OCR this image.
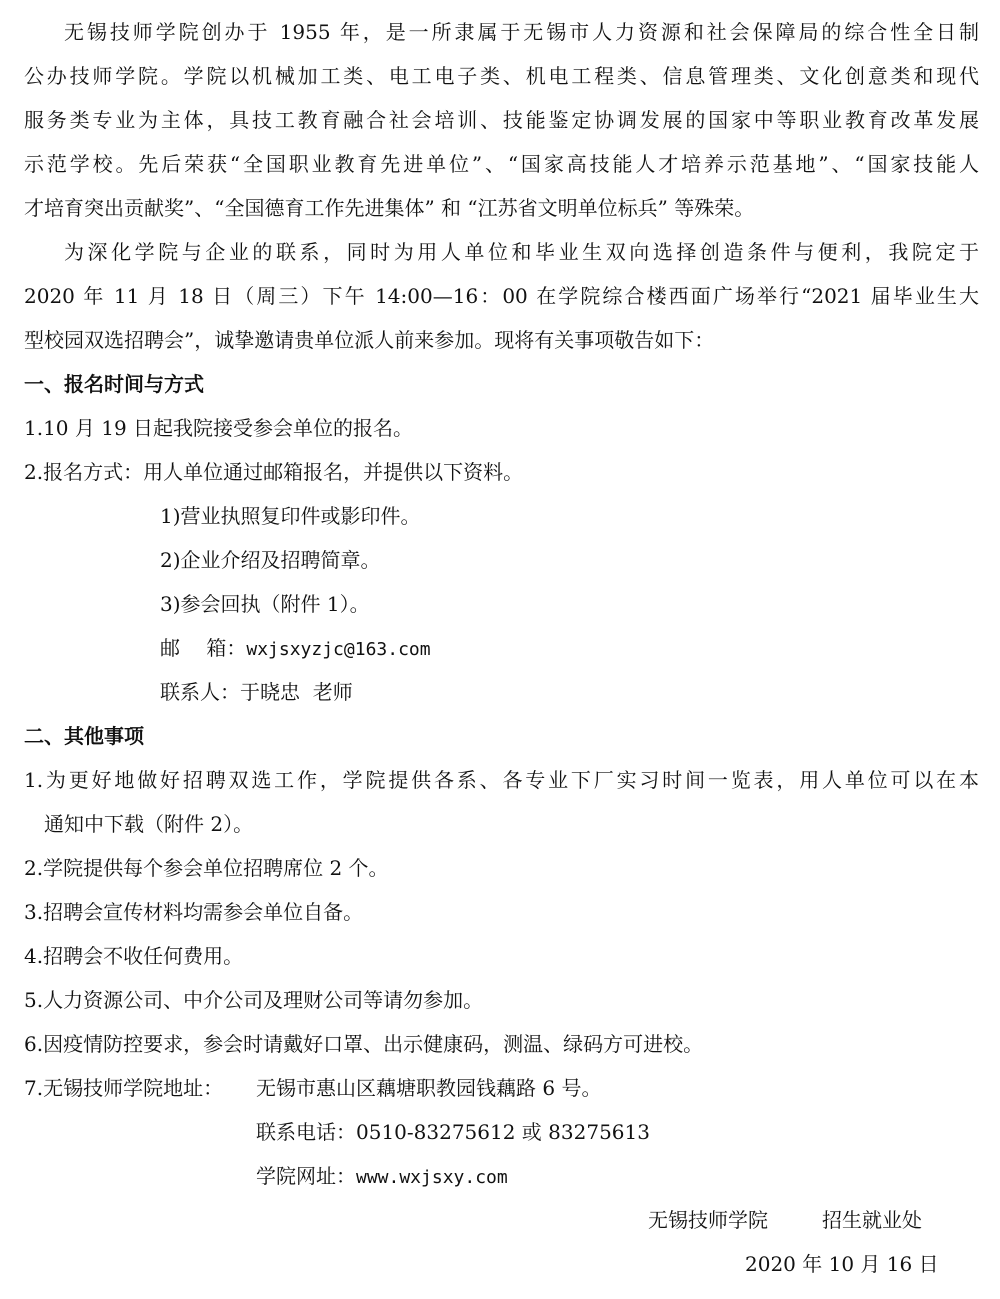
无锡技师学院创办于 1955 年，是一所隶属于无锡市人力资源和社会保障局的综合性全日制
公办技师学院。学院以机械加工类、电工电子类、机电工程类、信息管理类、文化创意类和现代
服务类专业为主体，具技工教育融合社会培训、技能鉴定协调发展的国家中等职业教育改革发展
示范学校。先后荣获“全国职业教育先进单位”、“国家高技能人才培养示范基地”、“国家技能人
才培育突出贡献奖”、“全国德育工作先进集体” 和 “江苏省文明单位标兵” 等殊荣。
为深化学院与企业的联系，同时为用人单位和毕业生双向选择创造条件与便利，我院定于
2020 年 11 月 18 日（周三）下午 14:00—16：00 在学院综合楼西面广场举行“2021 届毕业生大
型校园双选招聘会”，诚挚邀请贵单位派人前来参加。现将有关事项敬告如下：
一、报名时间与方式
1.10 月 19 日起我院接受参会单位的报名。
2.报名方式：用人单位通过邮箱报名，并提供以下资料。
1)营业执照复印件或影印件。
2)企业介绍及招聘简章。
3)参会回执（附件 1）。
邮　 箱：wxjsxyzjc@163.com
联系人：于晓忠  老师
二、其他事项
1.为更好地做好招聘双选工作，学院提供各系、各专业下厂实习时间一览表，用人单位可以在本
通知中下载（附件 2）。
2.学院提供每个参会单位招聘席位 2 个。
3.招聘会宣传材料均需参会单位自备。
4.招聘会不收任何费用。
5.人力资源公司、中介公司及理财公司等请勿参加。
6.因疫情防控要求，参会时请戴好口罩、出示健康码，测温、绿码方可进校。
7.无锡技师学院地址： 无锡市惠山区藕塘职教园钱藕路 6 号。
联系电话：0510-83275612 或 83275613
学院网址：www.wxjsxy.com
无锡技师学院	招生就业处
2020 年 10 月 16 日
